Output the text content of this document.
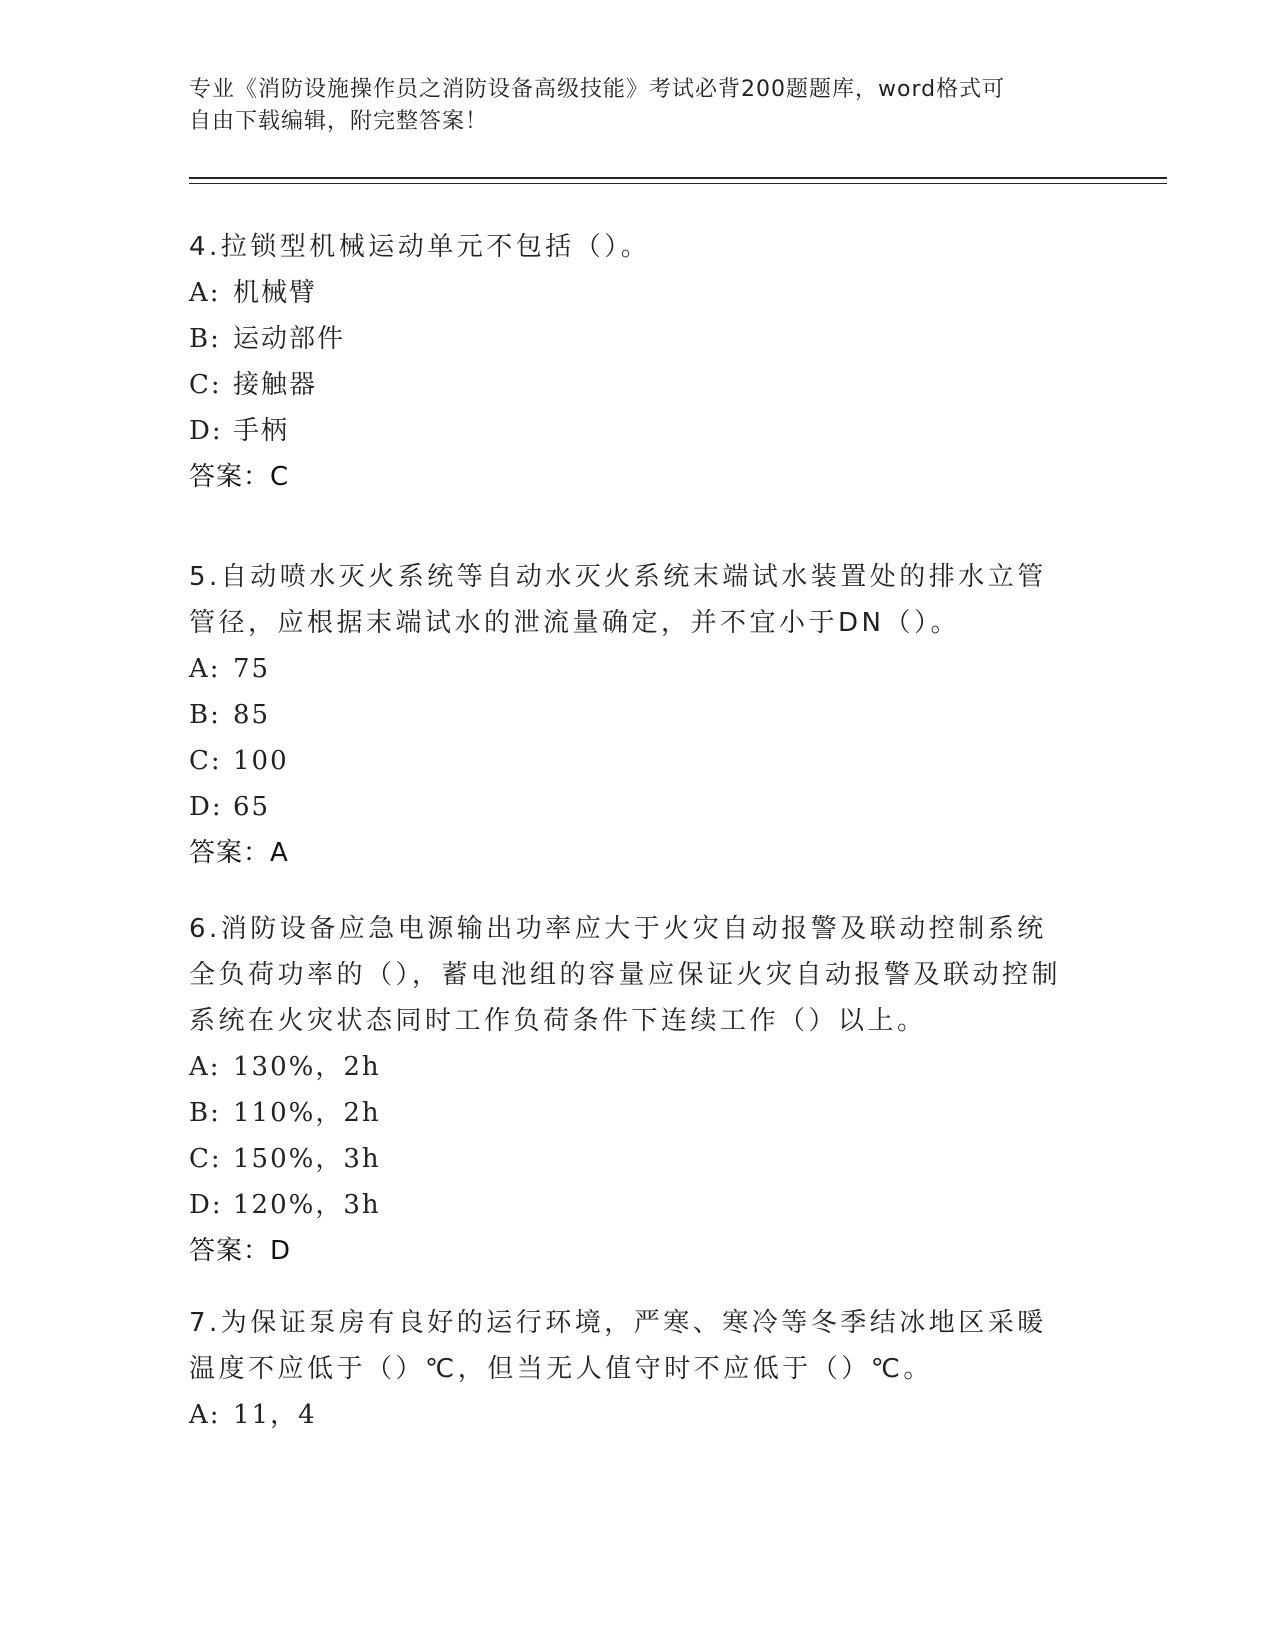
专业《消防设施操作员之消防设备高级技能》考试必背200题题库，word格式可
自由下载编辑，附完整答案！

4.拉锁型机械运动单元不包括（）。

A: 机械臂
B: 运动部件
C: 接触器
D: 手柄
答案：C

5.自动喷水灭火系统等自动水灭火系统末端试水装置处的排水立管管径，应根据末端试水的泄流量确定，并不宜小于DN（）。

A: 75
B: 85
C: 100
D: 65
答案：A

6.消防设备应急电源输出功率应大于火灾自动报警及联动控制系统全负荷功率的（），蓄电池组的容量应保证火灾自动报警及联动控制系统在火灾状态同时工作负荷条件下连续工作（）以上。

A: 130%，2h
B: 110%，2h
C: 150%，3h
D: 120%，3h
答案：D

7.为保证泵房有良好的运行环境，严寒、寒冷等冬季结冰地区采暖温度不应低于（）℃，但当无人值守时不应低于（）℃。

A: 11，4
